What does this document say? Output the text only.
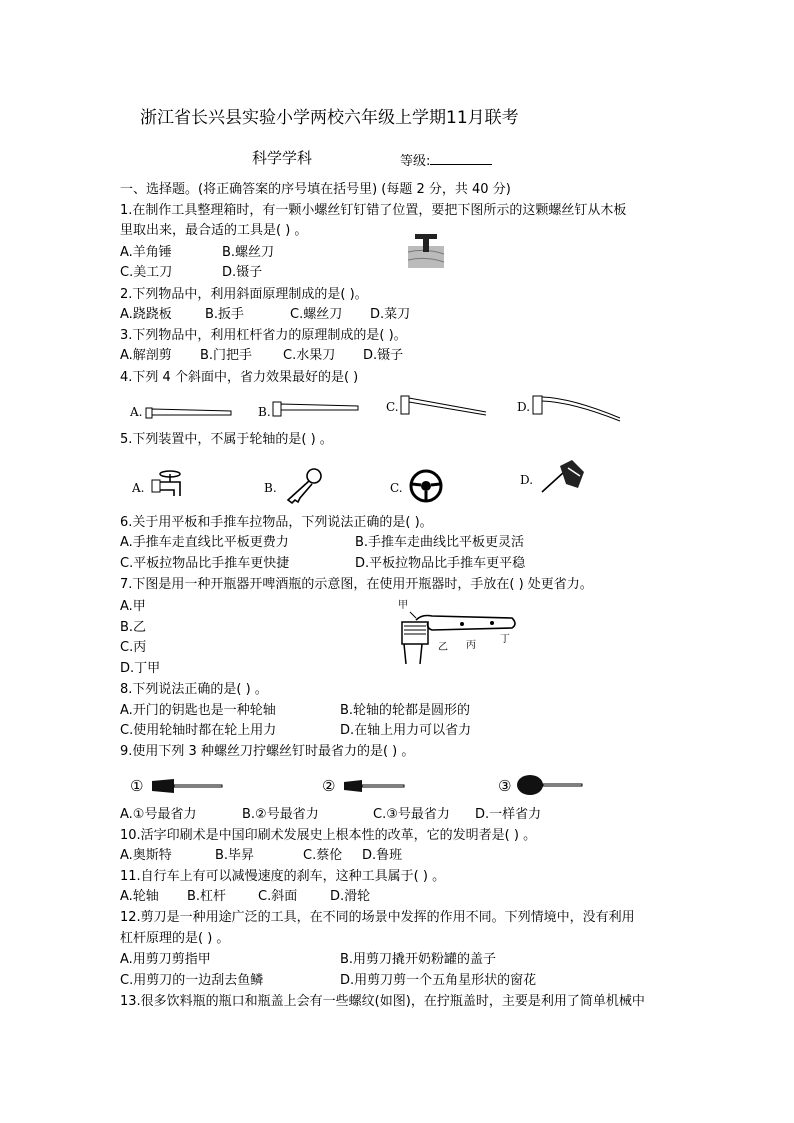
浙江省长兴县实验小学两校六年级上学期11月联考
科学学科	等级:
一、选择题。(将正确答案的序号填在括号里) (每题 2 分，共 40 分)
1.在制作工具整理箱时，有一颗小螺丝钉钉错了位置，要把下图所示的这颗螺丝钉从木板
里取出来，最合适的工具是( ) 。
A.羊角锤	B.螺丝刀
C.美工刀	D.镊子
2.下列物品中，利用斜面原理制成的是( )。
A.跷跷板	B.扳手	C.螺丝刀 D.菜刀
3.下列物品中，利用杠杆省力的原理制成的是( )。
A.解剖剪 B.门把手 C.水果刀 D.镊子
4.下列 4 个斜面中，省力效果最好的是( )
A.	B.	C.	D.
5.下列装置中，不属于轮轴的是( ) 。
A.	B.	C.
D.
6.关于用平板和手推车拉物品，下列说法正确的是( )。
A.手推车走直线比平板更费力	B.手推车走曲线比平板更灵活
C.平板拉物品比手推车更快捷	D.平板拉物品比手推车更平稳
7.下图是用一种开瓶器开啤酒瓶的示意图，在使用开瓶器时，手放在( ) 处更省力。
A.甲
B.乙
C.丙
D.丁甲
甲
乙 丙
丁
8.下列说法正确的是( ) 。
A.开门的钥匙也是一种轮轴	B.轮轴的轮都是圆形的
C.使用轮轴时都在轮上用力	D.在轴上用力可以省力
9.使用下列 3 种螺丝刀拧螺丝钉时最省力的是( ) 。
①	②	③
A.①号最省力	B.②号最省力	C.③号最省力 D.一样省力
10.活字印刷术是中国印刷术发展史上根本性的改革，它的发明者是( ) 。
A.奥斯特	B.毕昇	C.蔡伦 D.鲁班
11.自行车上有可以减慢速度的刹车，这种工具属于( ) 。
A.轮轴 B.杠杆 C.斜面	D.滑轮
12.剪刀是一种用途广泛的工具，在不同的场景中发挥的作用不同。下列情境中，没有利用
杠杆原理的是( ) 。
A.用剪刀剪指甲	B.用剪刀撬开奶粉罐的盖子
C.用剪刀的一边刮去鱼鳞	D.用剪刀剪一个五角星形状的窗花
13.很多饮料瓶的瓶口和瓶盖上会有一些螺纹(如图)，在拧瓶盖时，主要是利用了简单机械中
